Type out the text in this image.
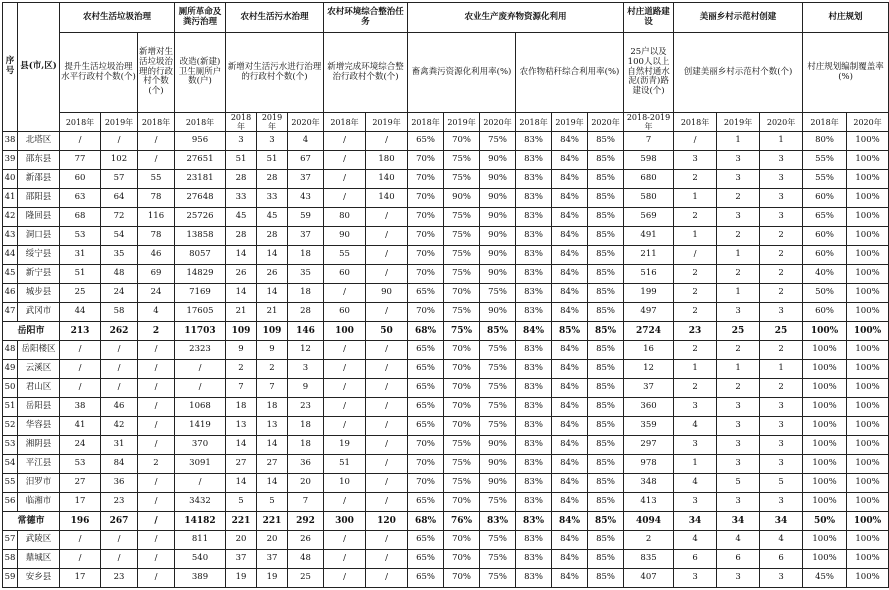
序号	县(市,区)	农村生活垃圾治理			厕所革命及粪污治理	农村生活污水治理			农村环境综合整治任务		农业生产废弃物资源化利用						村庄道路建设	美丽乡村示范村创建			村庄规划	
		提升生活垃圾治理水平行政村个数(个)		新增对生活垃圾治理的行政村个数(个)	改造(新建)卫生厕所户数(户)	新增对生活污水进行治理的行政村个数(个)			新增完成环境综合整治行政村个数(个)		畜禽粪污资源化利用率(%)			农作物秸秆综合利用率(%)			25户以及100人以上自然村通水泥(沥青)路建设(个)	创建美丽乡村示范村个数(个)			村庄规划编制覆盖率(%)	
		2018年	2019年	2018年	2018年	2018年	2019年	2020年	2018年	2019年	2018年	2019年	2020年	2018年	2019年	2020年	2018-2019年	2018年	2019年	2020年	2018年	2020年
38	北塔区	/	/	/	956	3	3	4	/	/	65%	70%	75%	83%	84%	85%	7	/	1	1	80%	100%
39	邵东县	77	102	/	27651	51	51	67	/	180	70%	75%	90%	83%	84%	85%	598	3	3	3	55%	100%
40	新邵县	60	57	55	23181	28	28	37	/	140	70%	75%	90%	83%	84%	85%	680	2	3	3	55%	100%
41	邵阳县	63	64	78	27648	33	33	43	/	140	70%	90%	90%	83%	84%	85%	580	1	2	3	60%	100%
42	隆回县	68	72	116	25726	45	45	59	80	/	70%	75%	90%	83%	84%	85%	569	2	3	3	65%	100%
43	洞口县	53	54	78	13858	28	28	37	90	/	70%	75%	90%	83%	84%	85%	491	1	2	2	60%	100%
44	绥宁县	31	35	46	8057	14	14	18	55	/	70%	75%	90%	83%	84%	85%	211	/	1	2	60%	100%
45	新宁县	51	48	69	14829	26	26	35	60	/	70%	75%	90%	83%	84%	85%	516	2	2	2	40%	100%
46	城步县	25	24	24	7169	14	14	18	/	90	65%	70%	75%	83%	84%	85%	199	2	1	2	50%	100%
47	武冈市	44	58	4	17605	21	21	28	60	/	70%	75%	90%	83%	84%	85%	497	2	3	3	60%	100%
岳阳市		213	262	2	11703	109	109	146	100	50	68%	75%	85%	84%	85%	85%	2724	23	25	25	100%	100%
48	岳阳楼区	/	/	/	2323	9	9	12	/	/	65%	70%	75%	83%	84%	85%	16	2	2	2	100%	100%
49	云溪区	/	/	/	/	2	2	3	/	/	65%	70%	75%	83%	84%	85%	12	1	1	1	100%	100%
50	君山区	/	/	/	/	7	7	9	/	/	65%	70%	75%	83%	84%	85%	37	2	2	2	100%	100%
51	岳阳县	38	46	/	1068	18	18	23	/	/	65%	70%	75%	83%	84%	85%	360	3	3	3	100%	100%
52	华容县	41	42	/	1419	13	13	18	/	/	65%	70%	75%	83%	84%	85%	359	4	3	3	100%	100%
53	湘阴县	24	31	/	370	14	14	18	19	/	70%	75%	90%	83%	84%	85%	297	3	3	3	100%	100%
54	平江县	53	84	2	3091	27	27	36	51	/	70%	75%	90%	83%	84%	85%	978	1	3	3	100%	100%
55	汨罗市	27	36	/	/	14	14	20	10	/	70%	75%	90%	83%	84%	85%	348	4	5	5	100%	100%
56	临湘市	17	23	/	3432	5	5	7	/	/	65%	70%	75%	83%	84%	85%	413	3	3	3	100%	100%
常德市		196	267	/	14182	221	221	292	300	120	68%	76%	83%	83%	84%	85%	4094	34	34	34	50%	100%
57	武陵区	/	/	/	811	20	20	26	/	/	65%	70%	75%	83%	84%	85%	2	4	4	4	100%	100%
58	鼎城区	/	/	/	540	37	37	48	/	/	65%	70%	75%	83%	84%	85%	835	6	6	6	100%	100%
59	安乡县	17	23	/	389	19	19	25	/	/	65%	70%	75%	83%	84%	85%	407	3	3	3	45%	100%
